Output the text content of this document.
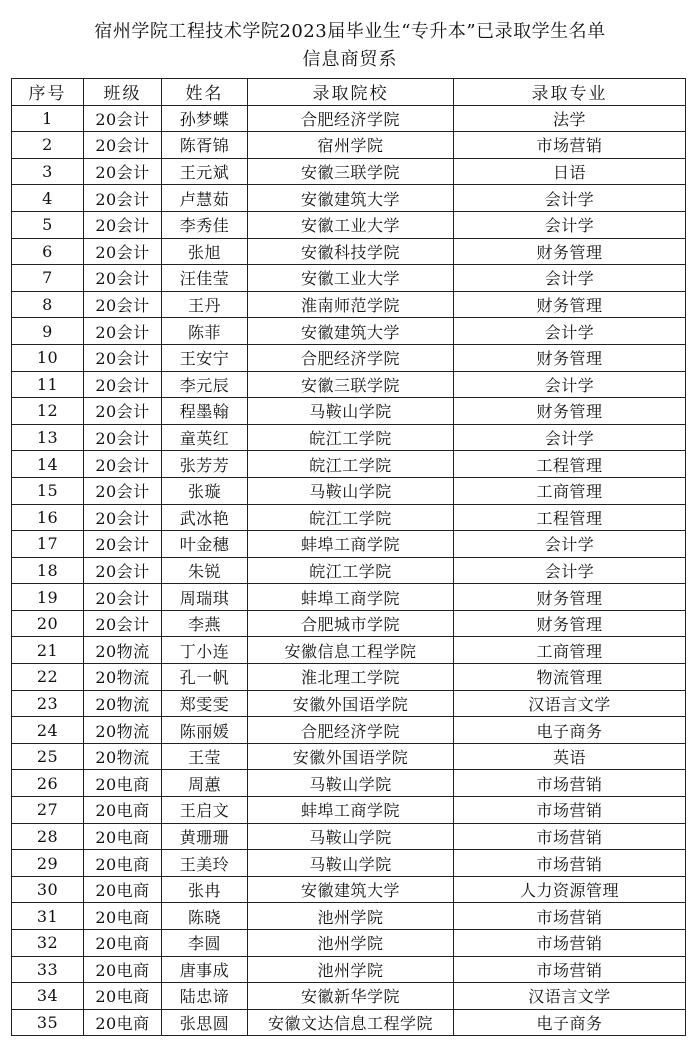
宿州学院工程技术学院2023届毕业生“专升本”已录取学生名单
信息商贸系
序号	班级	姓名	录取院校	录取专业
1	20会计	孙梦蝶	合肥经济学院	法学
2	20会计	陈胥锦	宿州学院	市场营销
3	20会计	王元斌	安徽三联学院	日语
4	20会计	卢慧茹	安徽建筑大学	会计学
5	20会计	李秀佳	安徽工业大学	会计学
6	20会计	张旭	安徽科技学院	财务管理
7	20会计	汪佳莹	安徽工业大学	会计学
8	20会计	王丹	淮南师范学院	财务管理
9	20会计	陈菲	安徽建筑大学	会计学
10	20会计	王安宁	合肥经济学院	财务管理
11	20会计	李元辰	安徽三联学院	会计学
12	20会计	程墨翰	马鞍山学院	财务管理
13	20会计	童英红	皖江工学院	会计学
14	20会计	张芳芳	皖江工学院	工程管理
15	20会计	张璇	马鞍山学院	工商管理
16	20会计	武冰艳	皖江工学院	工程管理
17	20会计	叶金穗	蚌埠工商学院	会计学
18	20会计	朱锐	皖江工学院	会计学
19	20会计	周瑞琪	蚌埠工商学院	财务管理
20	20会计	李燕	合肥城市学院	财务管理
21	20物流	丁小连	安徽信息工程学院	工商管理
22	20物流	孔一帆	淮北理工学院	物流管理
23	20物流	郑雯雯	安徽外国语学院	汉语言文学
24	20物流	陈丽媛	合肥经济学院	电子商务
25	20物流	王莹	安徽外国语学院	英语
26	20电商	周蕙	马鞍山学院	市场营销
27	20电商	王启文	蚌埠工商学院	市场营销
28	20电商	黄珊珊	马鞍山学院	市场营销
29	20电商	王美玲	马鞍山学院	市场营销
30	20电商	张冉	安徽建筑大学	人力资源管理
31	20电商	陈晓	池州学院	市场营销
32	20电商	李圆	池州学院	市场营销
33	20电商	唐事成	池州学院	市场营销
34	20电商	陆忠谛	安徽新华学院	汉语言文学
35	20电商	张思圆	安徽文达信息工程学院	电子商务
